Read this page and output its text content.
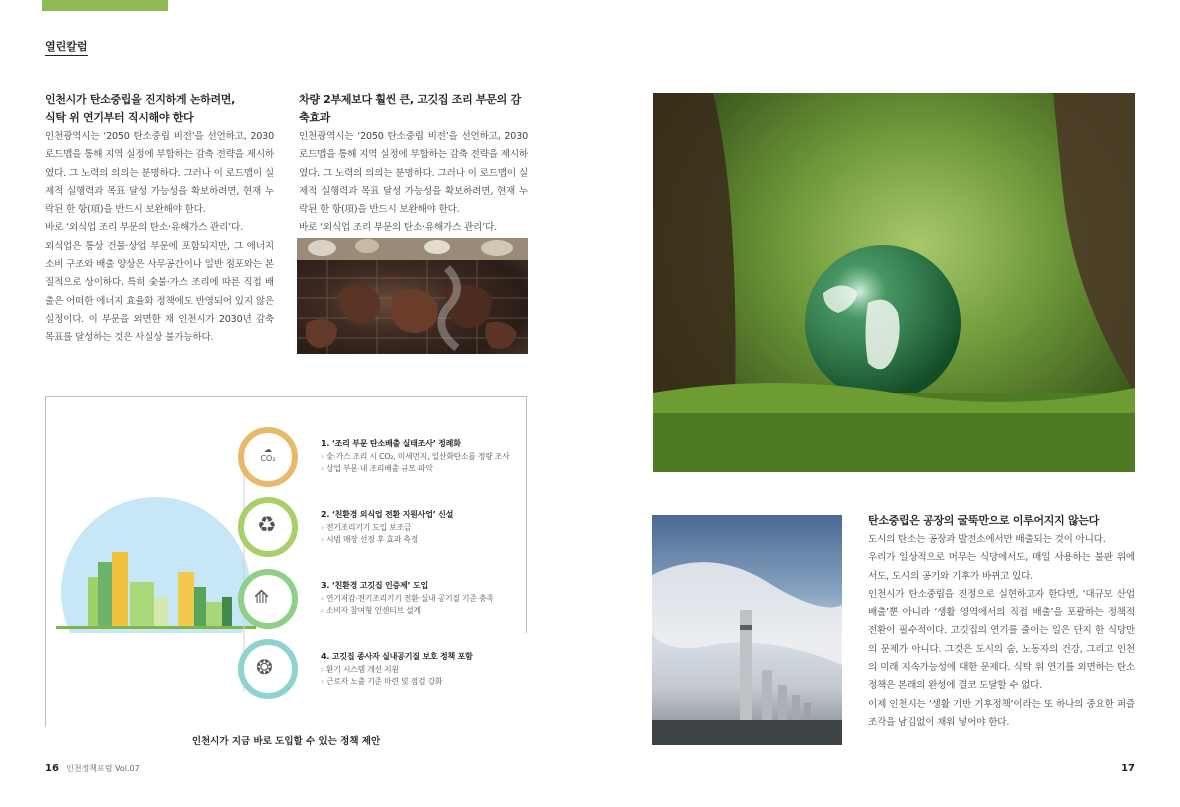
열린칼럼
인천시가 탄소중립을 진지하게 논하려면,
식탁 위 연기부터 직시해야 한다

인천광역시는 ‘2050 탄소중립 비전’을 선언하고, 2030 로드맵을 통해 지역 실정에 부합하는 감축 전략을 제시하였다. 그 노력의 의의는 분명하다. 그러나 이 로드맵이 실제적 실행력과 목표 달성 가능성을 확보하려면, 현재 누락된 한 항(項)을 반드시 보완해야 한다.

바로 ‘외식업 조리 부문의 탄소·유해가스 관리’다.

외식업은 통상 건물·상업 부문에 포함되지만, 그 에너지 소비 구조와 배출 양상은 사무공간이나 일반 점포와는 본질적으로 상이하다. 특히 숯불·가스 조리에 따른 직접 배출은 어떠한 에너지 효율화 정책에도 반영되어 있지 않은 실정이다. 이 부문을 외면한 채 인천시가 2030년 감축 목표를 달성하는 것은 사실상 불가능하다.

차량 2부제보다 훨씬 큰, 고깃집 조리 부문의 감축효과

인천광역시는 ‘2050 탄소중립 비전’을 선언하고, 2030 로드맵을 통해 지역 실정에 부합하는 감축 전략을 제시하였다. 그 노력의 의의는 분명하다. 그러나 이 로드맵이 실제적 실행력과 목표 달성 가능성을 확보하려면, 현재 누락된 한 항(項)을 반드시 보완해야 한다.

바로 ‘외식업 조리 부문의 탄소·유해가스 관리’다.

탄소중립은 공장의 굴뚝만으로 이루어지지 않는다

도시의 탄소는 공장과 발전소에서만 배출되는 것이 아니다.

우리가 일상적으로 머무는 식당에서도, 매일 사용하는 불판 위에서도, 도시의 공기와 기후가 바뀌고 있다.

인천시가 탄소중립을 진정으로 실현하고자 한다면, ‘대규모 산업 배출’뿐 아니라 ‘생활 영역에서의 직접 배출’을 포괄하는 정책적 전환이 필수적이다. 고깃집의 연기를 줄이는 일은 단지 한 식당만의 문제가 아니다. 그것은 도시의 숨, 노동자의 건강, 그리고 인천의 미래 지속가능성에 대한 문제다. 식탁 위 연기를 외면하는 탄소정책은 본래의 완성에 결코 도달할 수 없다.

이제 인천시는 ‘생활 기반 기후정책’이라는 또 하나의 중요한 퍼즐 조각을 남김없이 채워 넣어야 한다.

☁
CO₂
♻
⟰
❂
1. ‘조리 부문 탄소배출 실태조사’ 정례화
› 숯·가스 조리 시 CO₂, 미세먼지, 일산화탄소를 정량 조사
› 상업 부문 내 조리배출 규모 파악
2. ‘친환경 외식업 전환 지원사업’ 신설
› 전기조리기기 도입 보조금
› 시범 매장 선정 후 효과 측정
3. ‘친환경 고깃집 인증제’ 도입
› 연기저감·전기조리기기 전환·실내 공기질 기준 충족
› 소비자 참여형 인센티브 설계
4. 고깃집 종사자 실내공기질 보호 정책 포함
› 환기 시스템 개선 지원
› 근로자 노출 기준 마련 및 점검 강화
인천시가 지금 바로 도입할 수 있는 정책 제안
16 인천정책포럼 Vol.07	17
